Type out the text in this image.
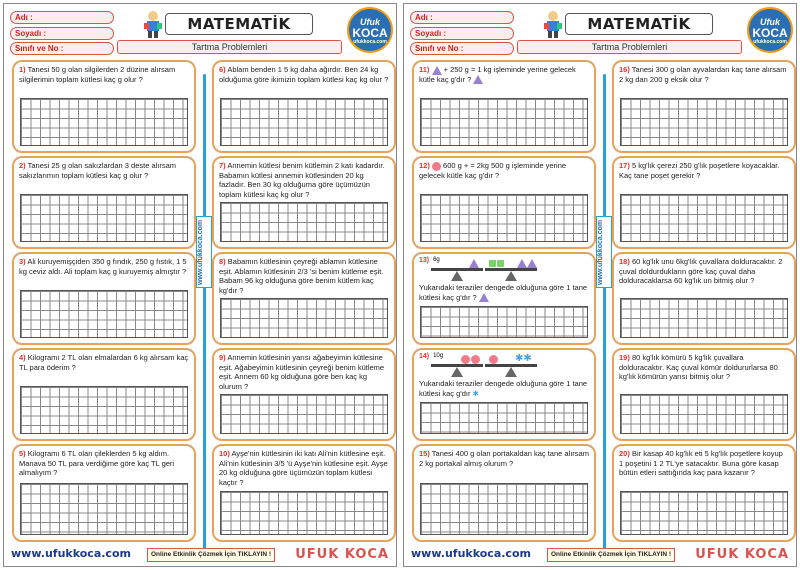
Adı :
Soyadı :
Sınıfı ve No :
MATEMATİK
Tartma Problemleri
Ufuk
KOCA
ufukkoca.com
www.ufukkoca.com
1) Tanesi 50 g olan silgilerden 2 düzine alırsam silgilerimin toplam kütlesi kaç g olur ?
2) Tanesi 25 g olan sakızlardan 3 deste alırsam sakızlarımın toplam kütlesi kaç g olur ?
3) Ali kuruyemişçiden 350 g fındık, 250 g fıstık, 1 5 kg ceviz aldı. Ali toplam kaç g kuruyemiş almıştır ?
4) Kilogramı 2 TL olan elmalardan 6 kg alırsam kaç TL para öderim ?
5) Kilogramı 6 TL olan çileklerden 5 kg aldım. Manava 50 TL para verdiğime göre kaç TL geri almalıyım ?
6) Ablam benden 1 5 kg daha ağırdır. Ben 24 kg olduğuma göre ikimizin toplam kütlesi kaç kg olur ?
7) Annemin kütlesi benim kütlemin 2 katı kadardır. Babamın kütlesi annemin kütlesinden 20 kg fazladır. Ben 30 kg olduğuma göre üçümüzün toplam kütlesi kaç kg olur ?
8) Babamın kütlesinin çeyreği ablamın kütlesine eşit. Ablamın kütlesinin 2/3 'si benim kütleme eşit. Babam 96 kg olduğuna göre benim kütlem kaç kg'dır ?
9) Annemin kütlesinin yarısı ağabeyimin kütlesine eşit. Ağabeyimin kütlesinin çeyreği benim kütleme eşit. Annem 60 kg olduğuna göre ben kaç kg olurum ?
10) Ayşe'nin kütlesinin iki katı Ali'nin kütlesine eşit. Ali'nin kütlesinin 3/5 'ü Ayşe'nin kütlesine eşit. Ayşe 20 kg olduğuna göre üçümüzün toplam kütlesi kaçtır ?
www.ufukkoca.com	Online Etkinlik Çözmek İçin TIKLAYIN !	UFUK KOCA
Adı :
Soyadı :
Sınıfı ve No :
MATEMATİK
Tartma Problemleri
Ufuk
KOCA
ufukkoca.com
www.ufukkoca.com
11) + 250 g = 1 kg işleminde yerine gelecek kütle kaç g'dır ?
12) 600 g + = 2kg 500 g işleminde yerine gelecek kütle kaç g'dır ?
13) 6g

Yukarıdaki teraziler dengede olduğuna göre 1 tane kütlesi kaç g'dır ?
14) 10g
	✱✱
Yukarıdaki teraziler dengede olduğuna göre 1 tane kütlesi kaç g'dır ✱
15) Tanesi 400 g olan portakaldan kaç tane alırsam 2 kg portakal almış olurum ?
16) Tanesi 300 g olan ayvalardan kaç tane alırsam 2 kg dan 200 g eksik olur ?
17) 5 kg'lık çerezi 250 g'lık poşetlere koyacaklar. Kaç tane poşet gerekir ?
18) 60 kg'lık unu 6kg'lık çuvallara dolduracaktır. 2 çuval doldurdukların göre kaç çuval daha dolduracaklarsa 60 kg'lık un bitmiş olur ?
19) 80 kg'lık kömürü 5 kg'lık çuvallara dolduracaktır. Kaç çuval kömür doldururlarsa 80 kg'lık kömürün yarısı bitmiş olur ?
20) Bir kasap 40 kg'lık eti 5 kg'lık poşetlere koyup 1 poşetini 1 2 TL'ye satacaktır. Buna göre kasap bütün etleri sattığında kaç para kazanır ?
www.ufukkoca.com	Online Etkinlik Çözmek İçin TIKLAYIN !	UFUK KOCA
